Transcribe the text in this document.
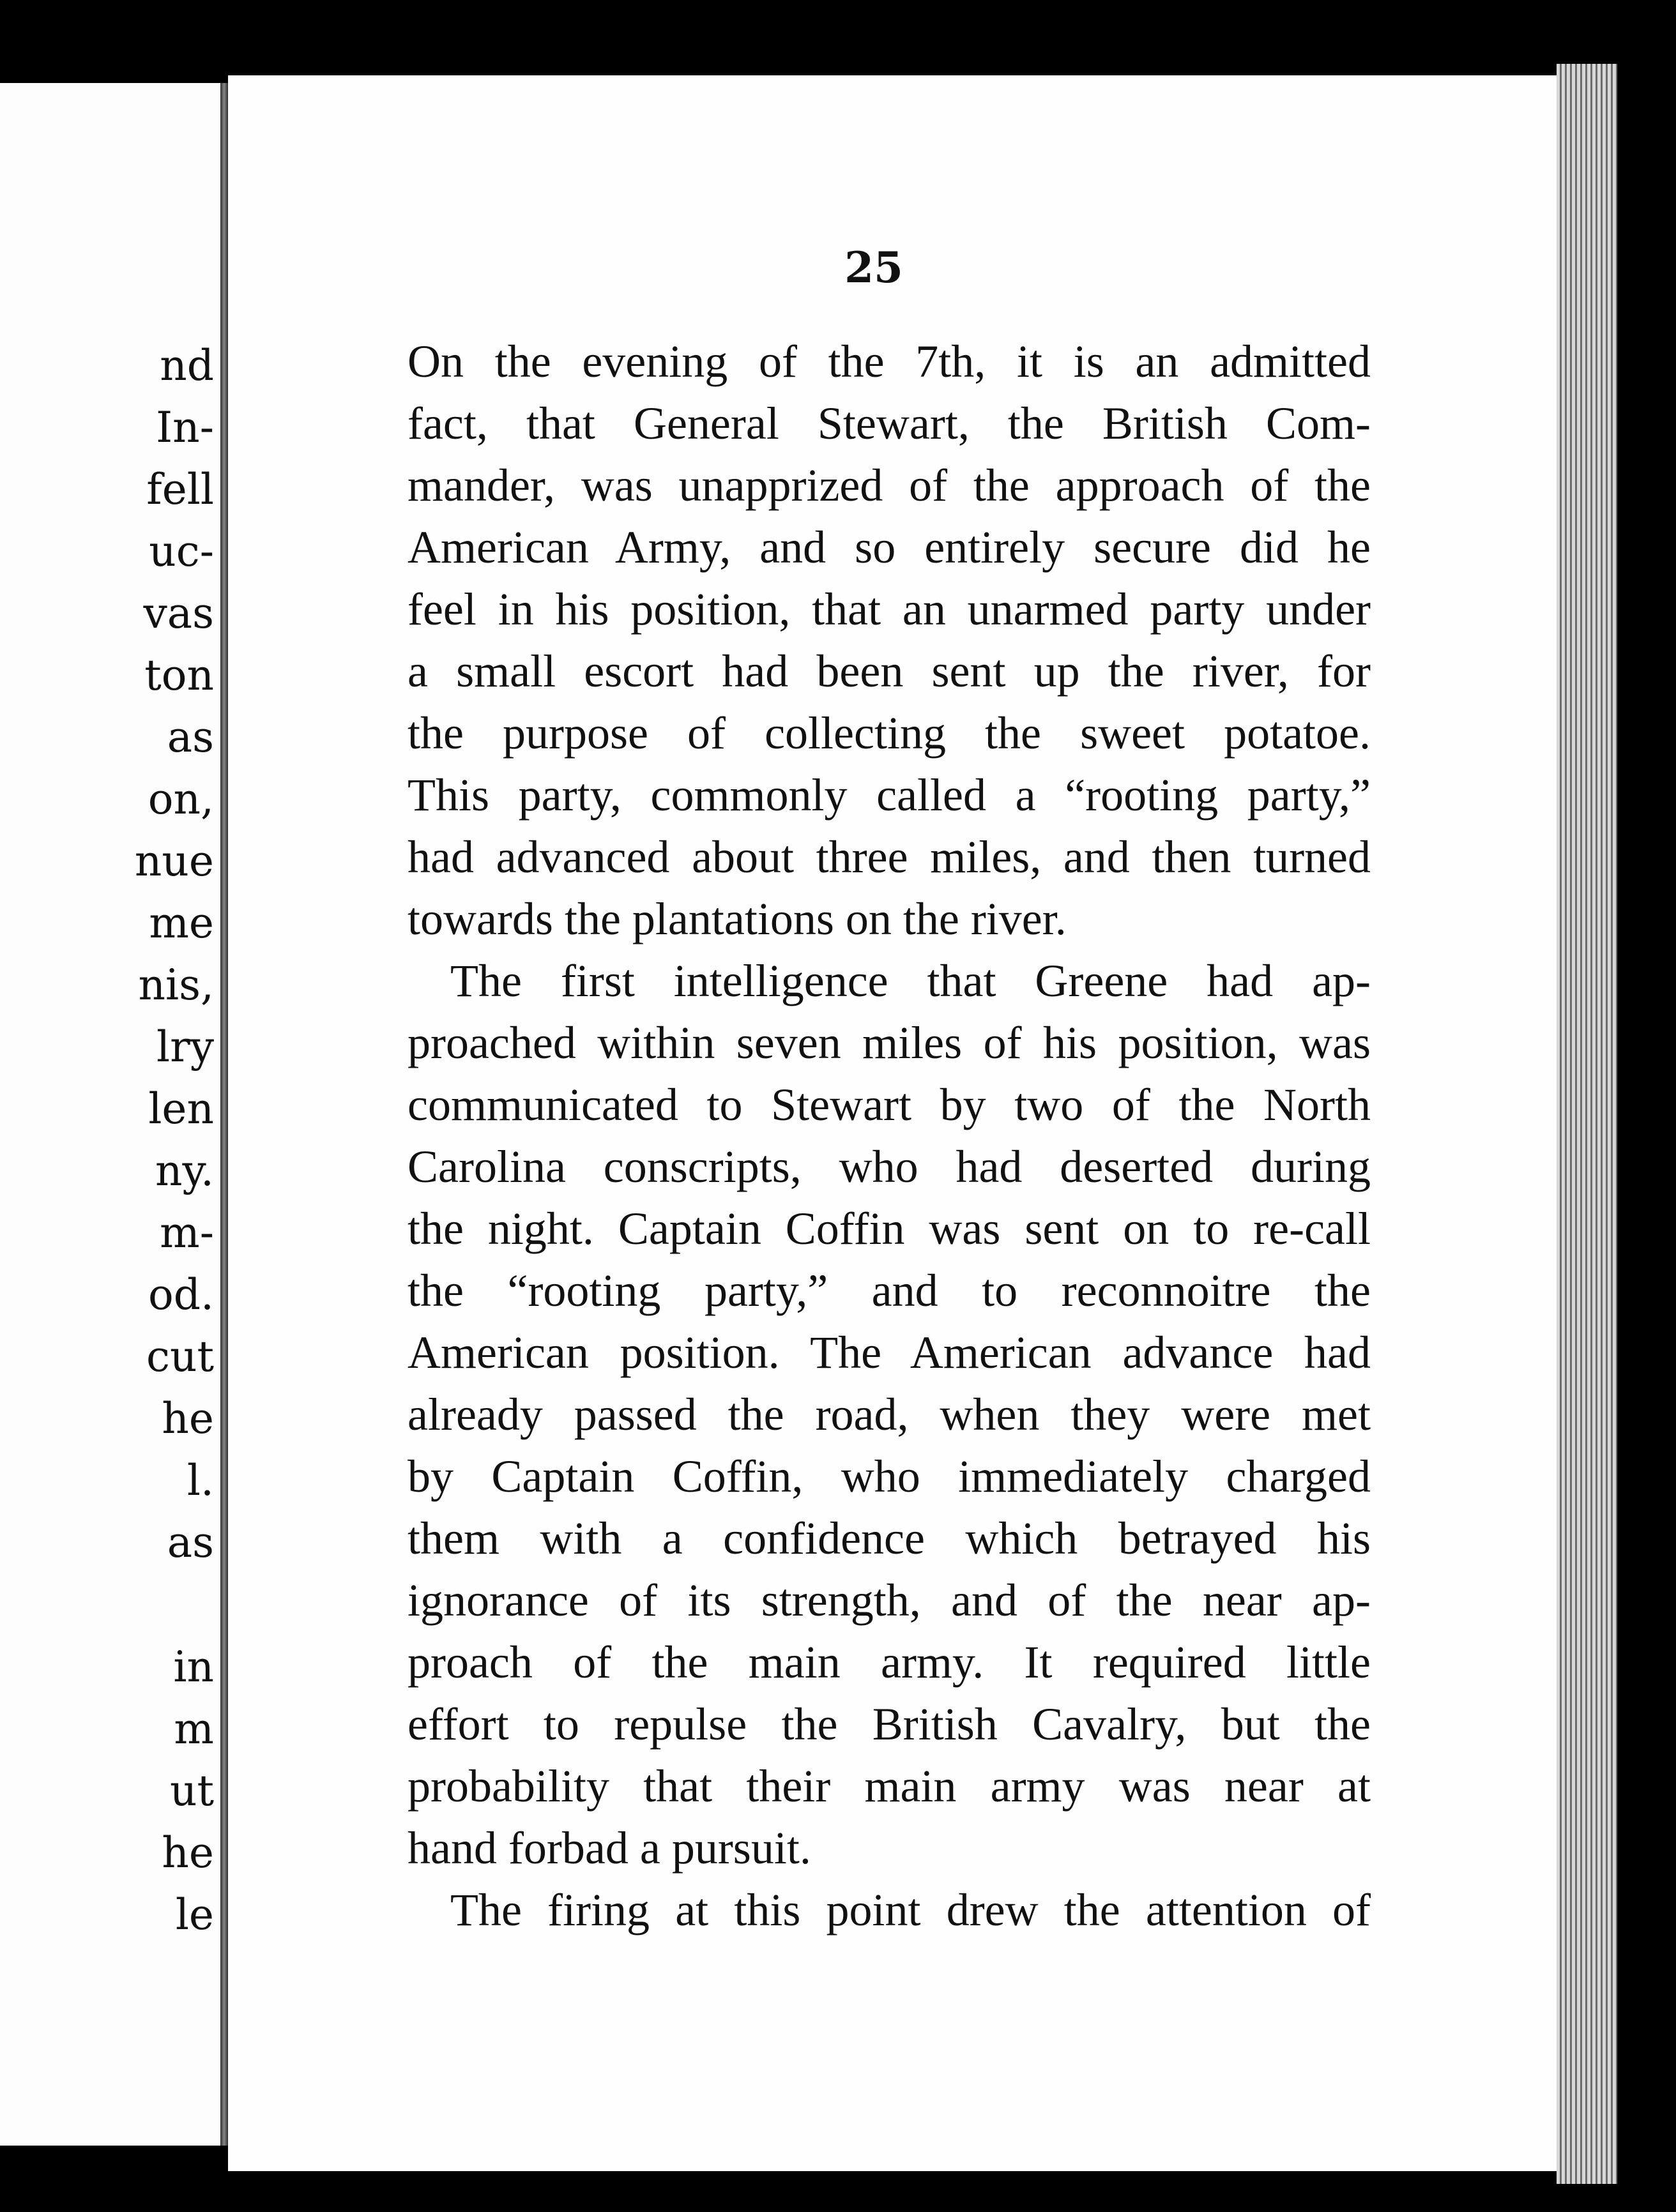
nd
In-
fell
uc-
vas
ton
as
on,
nue
me
nis,
lry
len
ny.
m-
od.
cut
he
l.
as
in
m
ut
he
le
25
On the evening of the 7th, it is an admitted
fact, that General Stewart, the British Com-
mander, was unapprized of the approach of the
American Army, and so entirely secure did he
feel in his position, that an unarmed party under
a small escort had been sent up the river, for
the purpose of collecting the sweet potatoe.
This party, commonly called a “rooting party,”
had advanced about three miles, and then turned
towards the plantations on the river.
The first intelligence that Greene had ap-
proached within seven miles of his position, was
communicated to Stewart by two of the North
Carolina conscripts, who had deserted during
the night. Captain Coffin was sent on to re-call
the “rooting party,” and to reconnoitre the
American position. The American advance had
already passed the road, when they were met
by Captain Coffin, who immediately charged
them with a confidence which betrayed his
ignorance of its strength, and of the near ap-
proach of the main army. It required little
effort to repulse the British Cavalry, but the
probability that their main army was near at
hand forbad a pursuit.
The firing at this point drew the attention of
